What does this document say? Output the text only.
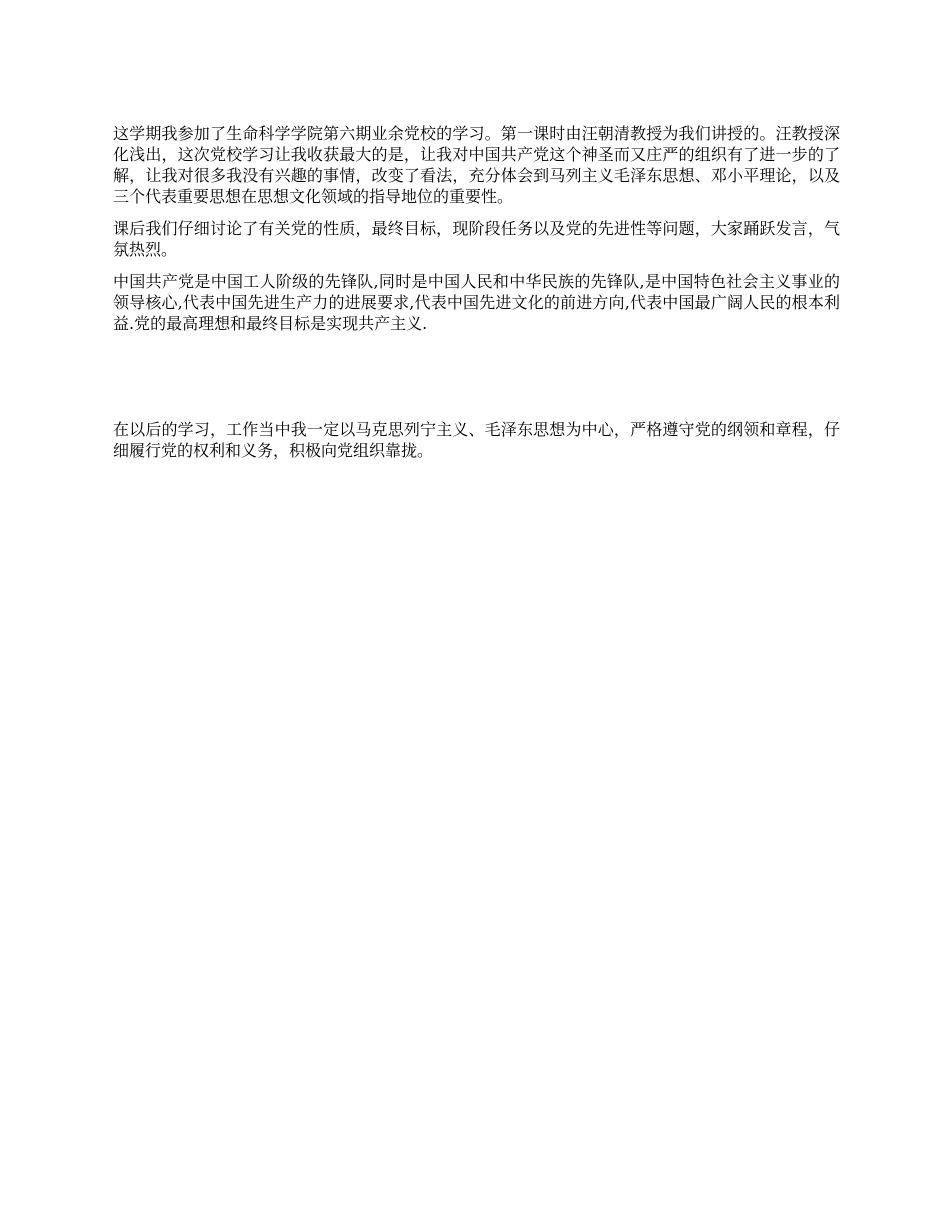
这学期我参加了生命科学学院第六期业余党校的学习。第一课时由汪朝清教授为我们讲授的。汪教授深化浅出，这次党校学习让我收获最大的是，让我对中国共产党这个神圣而又庄严的组织有了进一步的了解，让我对很多我没有兴趣的事情，改变了看法，充分体会到马列主义毛泽东思想、邓小平理论，以及三个代表重要思想在思想文化领域的指导地位的重要性。

课后我们仔细讨论了有关党的性质，最终目标，现阶段任务以及党的先进性等问题，大家踊跃发言，气氛热烈。

中国共产党是中国工人阶级的先锋队,同时是中国人民和中华民族的先锋队,是中国特色社会主义事业的领导核心,代表中国先进生产力的进展要求,代表中国先进文化的前进方向,代表中国最广阔人民的根本利益.党的最高理想和最终目标是实现共产主义.

在以后的学习，工作当中我一定以马克思列宁主义、毛泽东思想为中心，严格遵守党的纲领和章程，仔细履行党的权利和义务，积极向党组织靠拢。
